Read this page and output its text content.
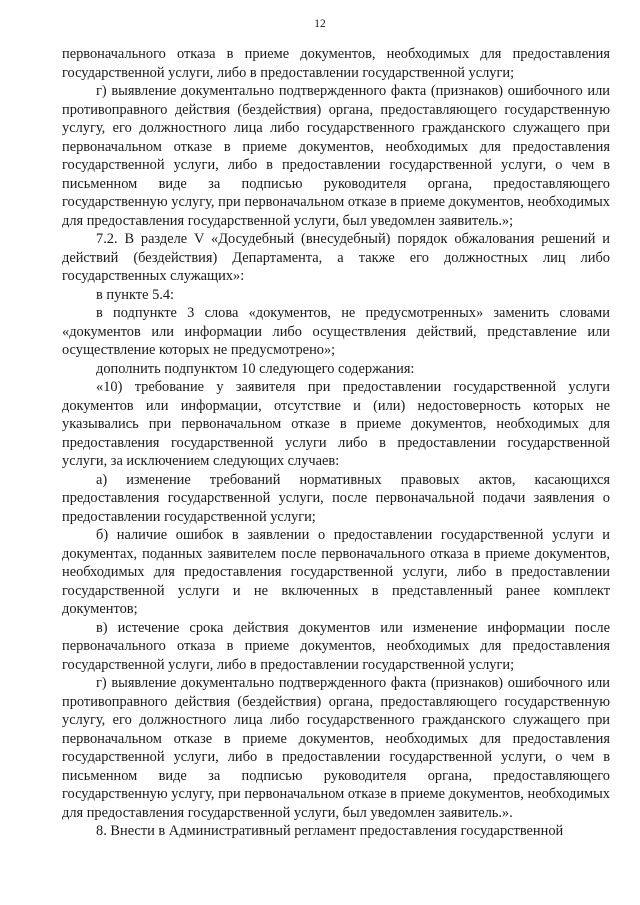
12

первоначального отказа в приеме документов, необходимых для предоставления государственной услуги, либо в предоставлении государственной услуги;

г) выявление документально подтвержденного факта (признаков) ошибочного или противоправного действия (бездействия) органа, предоставляющего государственную услугу, его должностного лица либо государственного гражданского служащего при первоначальном отказе в приеме документов, необходимых для предоставления государственной услуги, либо в предоставлении государственной услуги, о чем в письменном виде за подписью руководителя органа, предоставляющего государственную услугу, при первоначальном отказе в приеме документов, необходимых для предоставления государственной услуги, был уведомлен заявитель.»;

7.2. В разделе V «Досудебный (внесудебный) порядок обжалования решений и действий (бездействия) Департамента, а также его должностных лиц либо государственных служащих»:

в пункте 5.4:

в подпункте 3 слова «документов, не предусмотренных» заменить словами «документов или информации либо осуществления действий, представление или осуществление которых не предусмотрено»;

дополнить подпунктом 10 следующего содержания:

«10) требование у заявителя при предоставлении государственной услуги документов или информации, отсутствие и (или) недостоверность которых не указывались при первоначальном отказе в приеме документов, необходимых для предоставления государственной услуги либо в предоставлении государственной услуги, за исключением следующих случаев:

а) изменение требований нормативных правовых актов, касающихся предоставления государственной услуги, после первоначальной подачи заявления о предоставлении государственной услуги;

б) наличие ошибок в заявлении о предоставлении государственной услуги и документах, поданных заявителем после первоначального отказа в приеме документов, необходимых для предоставления государственной услуги, либо в предоставлении государственной услуги и не включенных в представленный ранее комплект документов;

в) истечение срока действия документов или изменение информации после первоначального отказа в приеме документов, необходимых для предоставления государственной услуги, либо в предоставлении государственной услуги;

г) выявление документально подтвержденного факта (признаков) ошибочного или противоправного действия (бездействия) органа, предоставляющего государственную услугу, его должностного лица либо государственного гражданского служащего при первоначальном отказе в приеме документов, необходимых для предоставления государственной услуги, либо в предоставлении государственной услуги, о чем в письменном виде за подписью руководителя органа, предоставляющего государственную услугу, при первоначальном отказе в приеме документов, необходимых для предоставления государственной услуги, был уведомлен заявитель.».

8. Внести в Административный регламент предоставления государственной
